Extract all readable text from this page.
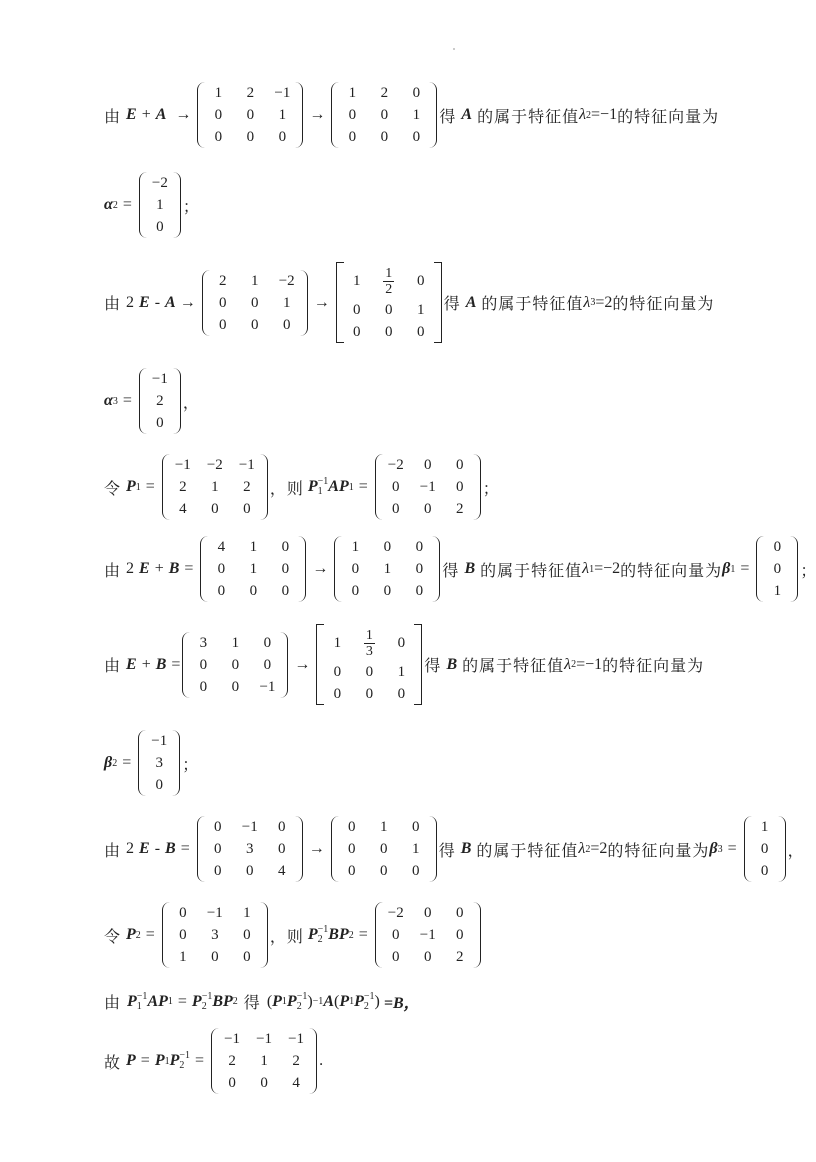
由 E + A →
1	2	−1
0	0	1
0	0	0
→
1	2	0
0	0	1
0	0	0
得 A 的属于特征值 λ 2 =−1 的特征向量为
α 2 =
−2
1
0
；
由 2 E - A →
2	1	−2
0	0	1
0	0	0
→
1	$\frac{1}{2}$	0
0	0	1
0	0	0
得 A 的属于特征值 λ 3 =2 的特征向量为
α 3 =
−1
2
0
，
令 P 1 =
−1 −2 −1
2	1	2
4	0	0
，则 P −1
1 A P 1 =
−2	0	0
0	−1	0
0	0	2
；
由 2 E + B =
4	1	0
0	1	0
0	0	0
→
1	0	0
0	1	0
0	0	0
得 B 的属于特征值 λ 1 =−2 的特征向量为 β 1 =
0
0
1
；
由 E + B =
3	1	0
0	0	0
0	0	−1
→
1	$\frac{1}{3}$	0
0	0	1
0	0	0
得 B 的属于特征值 λ 2 =−1 的特征向量为
β 2 =
−1
3
0
；
由 2 E - B =
0	−1	0
0	3	0
0	0	4
→
0	1	0
0	0	1
0	0	0
得 B 的属于特征值 λ 2 =2 的特征向量为 β 3 =
1
0
0
，
令 P 2 =
0	−1	1
0	3	0
1	0	0
，则 P −1
2 B P 2 =
−2	0	0
0	−1	0
0	0	2
由 P −1
1 A P 1 = P −1
2 B P 2 得 ( P 1 P −1
2 ) −1 A ( P 1 P −1
2 ) =B，
故 P = P 1 P −1
2 =
−1 −1 −1
2	1	2
0	0	4
.
